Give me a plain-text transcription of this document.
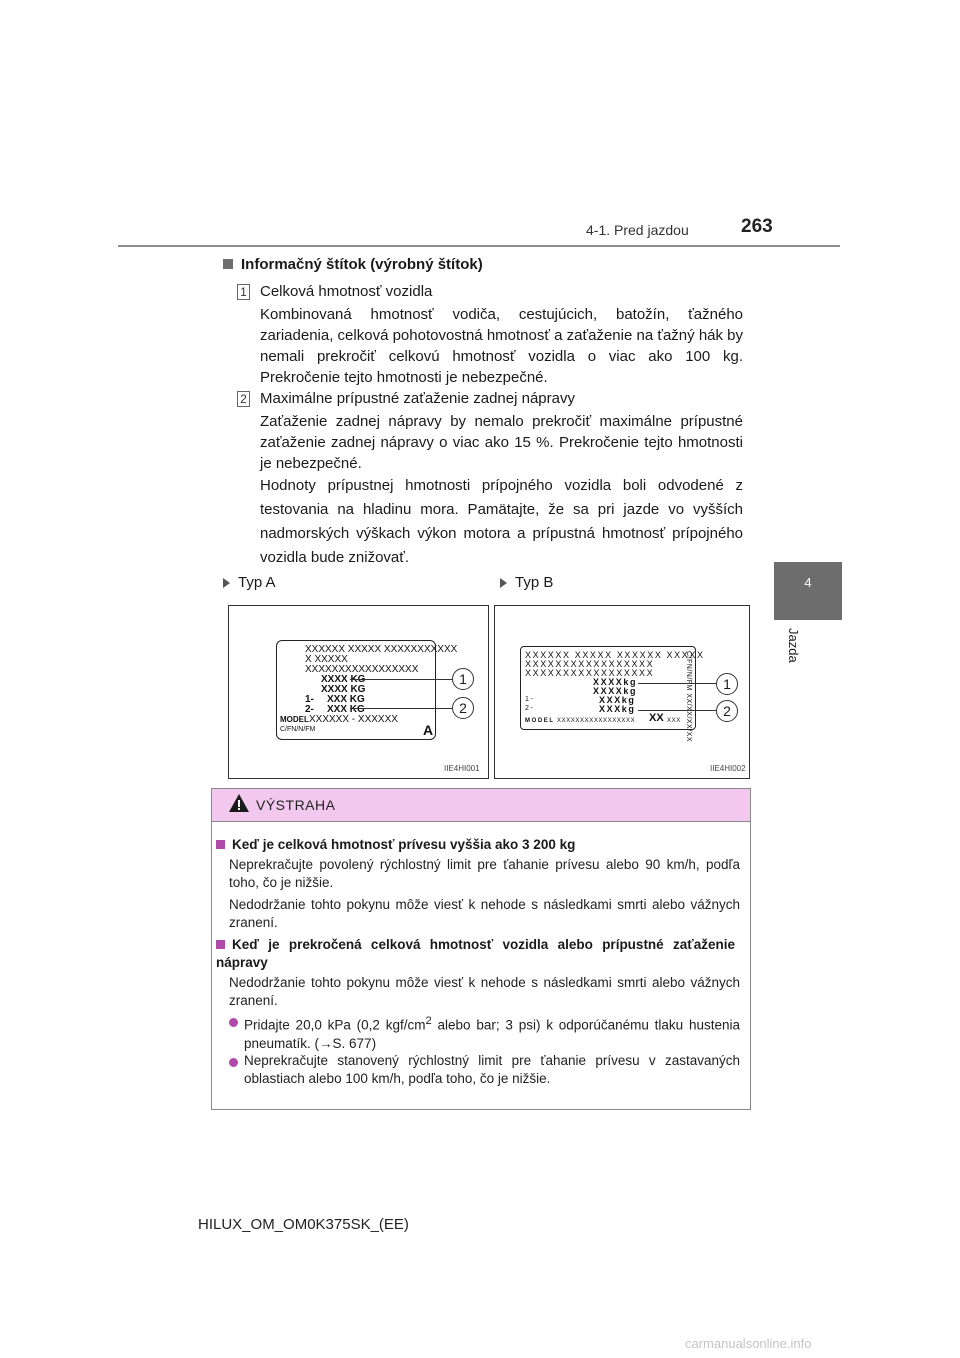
4-1. Pred jazdou	263
4
Jazda
Informačný štítok (výrobný štítok)
1 Celková hmotnosť vozidla
Kombinovaná hmotnosť vodiča, cestujúcich, batožín, ťažného zariadenia, celková pohotovostná hmotnosť a zaťaženie na ťažný hák by nemali prekročiť celkovú hmotnosť vozidla o viac ako 100 kg. Prekročenie tejto hmotnosti je nebezpečné.
2 Maximálne prípustné zaťaženie zadnej nápravy
Zaťaženie zadnej nápravy by nemalo prekročiť maximálne prípustné zaťaženie zadnej nápravy o viac ako 15 %. Prekročenie tejto hmotnosti je nebezpečné.
Hodnoty prípustnej hmotnosti prípojného vozidla boli odvodené z testovania na hladinu mora. Pamätajte, že sa pri jazde vo vyšších nadmorských výškach výkon motora a prípustná hmotnosť prípojného vozidla bude znižovať.
Typ A	Typ B
XXXXXX XXXXX XXXXXXXXXXX
X XXXXX
XXXXXXXXXXXXXXXXX
XXXX KG
XXXX KG
1- XXX KG
2- XXX KG
MODEL XXXXXX - XXXXXX
C/FN/N/FM	A
1
2
IIE4HI001
XXXXXX XXXXX XXXXXX XXXXX
XXXXXXXXXXXXXXXXX
XXXXXXXXXXXXXXXXX
XXXXkg
XXXXkg
1-	XXXkg
2-	XXXkg
MODEL XXXXXXXXXXXXXXXXX XX XXX C/FN/N/FM XX/XX/XX/XX	1
2
IIE4HI002
VÝSTRAHA
Keď je celková hmotnosť prívesu vyššia ako 3 200 kg
Neprekračujte povolený rýchlostný limit pre ťahanie prívesu alebo 90 km/h, podľa toho, čo je nižšie.
Nedodržanie tohto pokynu môže viesť k nehode s následkami smrti alebo vážnych zranení.
Keď je prekročená celková hmotnosť vozidla alebo prípustné zaťaženie nápravy
Nedodržanie tohto pokynu môže viesť k nehode s následkami smrti alebo vážnych zranení.
Pridajte 20,0 kPa (0,2 kgf/$cm^2$ alebo bar; 3 psi) k odporúčanému tlaku hustenia pneumatík. (→S. 677)
Neprekračujte stanovený rýchlostný limit pre ťahanie prívesu v zastavaných oblastiach alebo 100 km/h, podľa toho, čo je nižšie.
HILUX_OM_OM0K375SK_(EE)
carmanualsonline.info
